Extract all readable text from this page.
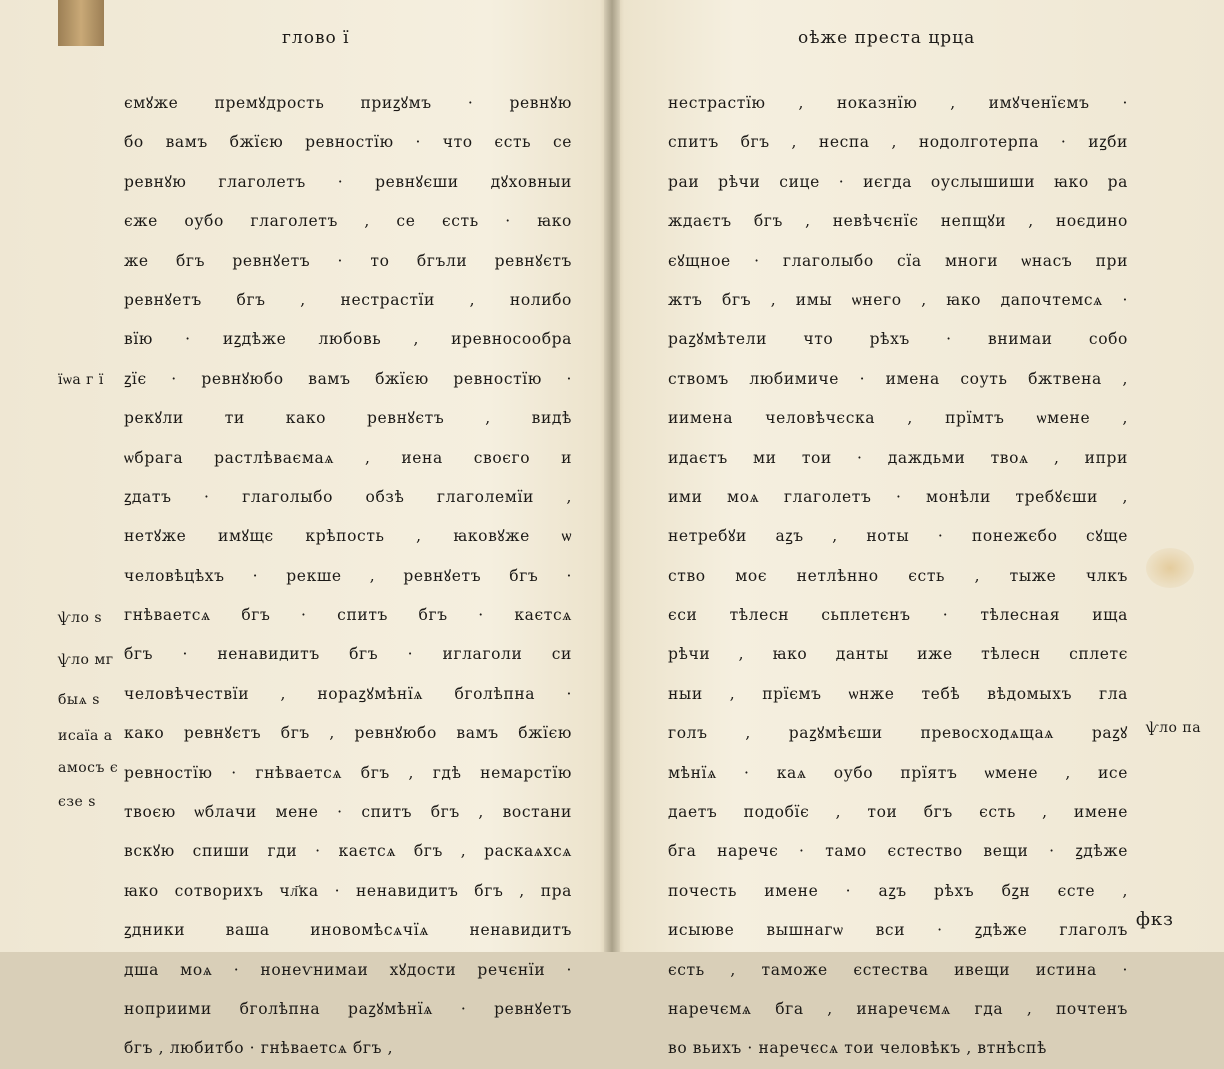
глово ї
ємꙋже премꙋдрость приꙁꙋмъ · ревнꙋю
бо вамъ бжїєю ревностїю · что єсть се
ревнꙋю глаголетъ · ревнꙋєши дꙋховныи
єже оубо глаголетъ , се єсть · ꙗко
же бгъ ревнꙋетъ · то бгъли ревнꙋєтъ
ревнꙋетъ бгъ , нестрастїи , нолибо
вїю · иꙁдѣже любовь , иревносообра
ꙁїє · ревнꙋюбо вамъ бжїєю ревностїю ·
рекꙋли ти како ревнꙋєтъ , видѣ
ѡбрага растлѣваємаѧ , иена своєго и
ꙁдатъ · глаголыбо обзѣ глаголемїи ,
нетꙋже имꙋщє крѣпость , ꙗковꙋже ѡ
человѣцѣхъ · рекше , ревнꙋетъ бгъ ·
гнѣваетсѧ бгъ · спитъ бгъ · каєтсѧ
бгъ · ненавидитъ бгъ · иглаголи си
человѣчествїи , нораꙁꙋмѣнїѧ бголѣпна ·
како ревнꙋєтъ бгъ , ревнꙋюбо вамъ бжїєю
ревностїю · гнѣваетсѧ бгъ , гдѣ немарстїю
твоєю ѡблачи мене · спитъ бгъ , востани
вскꙋю спиши гди · каєтсѧ бгъ , раскаѧхсѧ
ꙗко сотворихъ чл҃ка · ненавидитъ бгъ , пра
ꙁдники ваша иновомѣсѧчїѧ ненавидитъ
дша моѧ · нонеѵнимаи хꙋдости речєнїи ·
ноприими бголѣпна раꙁꙋмѣнїѧ · ревнꙋетъ
бгъ , любитбо · гнѣваетсѧ бгъ ,
їѡа г ї
ѱло ѕ
ѱло мг
быѧ ѕ
исаїа а
амосъ є
єзе ѕ
оѣже преста црца
нестрастїю , ноказнїю , имꙋченїємъ ·
спитъ бгъ , неспа , нодолготерпа · иꙁби
раи рѣчи сице · иєгда оуслышиши ꙗко ра
ждаєтъ бгъ , невѣчєнїє непщꙋи , ноєдино
єꙋщное · глаголыбо сїа многи ѡнасъ при
жтъ бгъ , имы ѡнего , ꙗко дапочтемсѧ ·
раꙁꙋмѣтели что рѣхъ · внимаи собо
ствомъ любимиче · имена соуть бжтвена ,
иимена человѣчєска , прїмтъ ѡмене ,
идаєтъ ми тои · даждьми твоѧ , ипри
ими моѧ глаголетъ · монѣли требꙋєши ,
нетребꙋи аꙁъ , ноты · понежєбо сꙋще
ство моє нетлѣнно єсть , тыже члкъ
єси тѣлесн сьплетєнъ · тѣлесная ища
рѣчи , ꙗко данты иже тѣлесн сплетє
ныи , прїємъ ѡнже тебѣ вѣдомыхъ гла
голъ , раꙁꙋмѣєши превосходѧщаѧ раꙁꙋ
мѣнїѧ · каѧ оубо прїятъ ѡмене , исе
даетъ подобїє , тои бгъ єсть , имене
бга наречє · тамо єстество вещи · ꙁдѣже
почесть имене · аꙁъ рѣхъ бꙁн єсте ,
исыюве вышнагѡ вси · ꙁдѣже глаголъ
єсть , таможе єстества ивещи истина ·
наречємѧ бга , инаречємѧ гда , почтенъ
во вьихъ · наречєсѧ тои человѣкъ , втнѣспѣ
ѱло па
фкз
